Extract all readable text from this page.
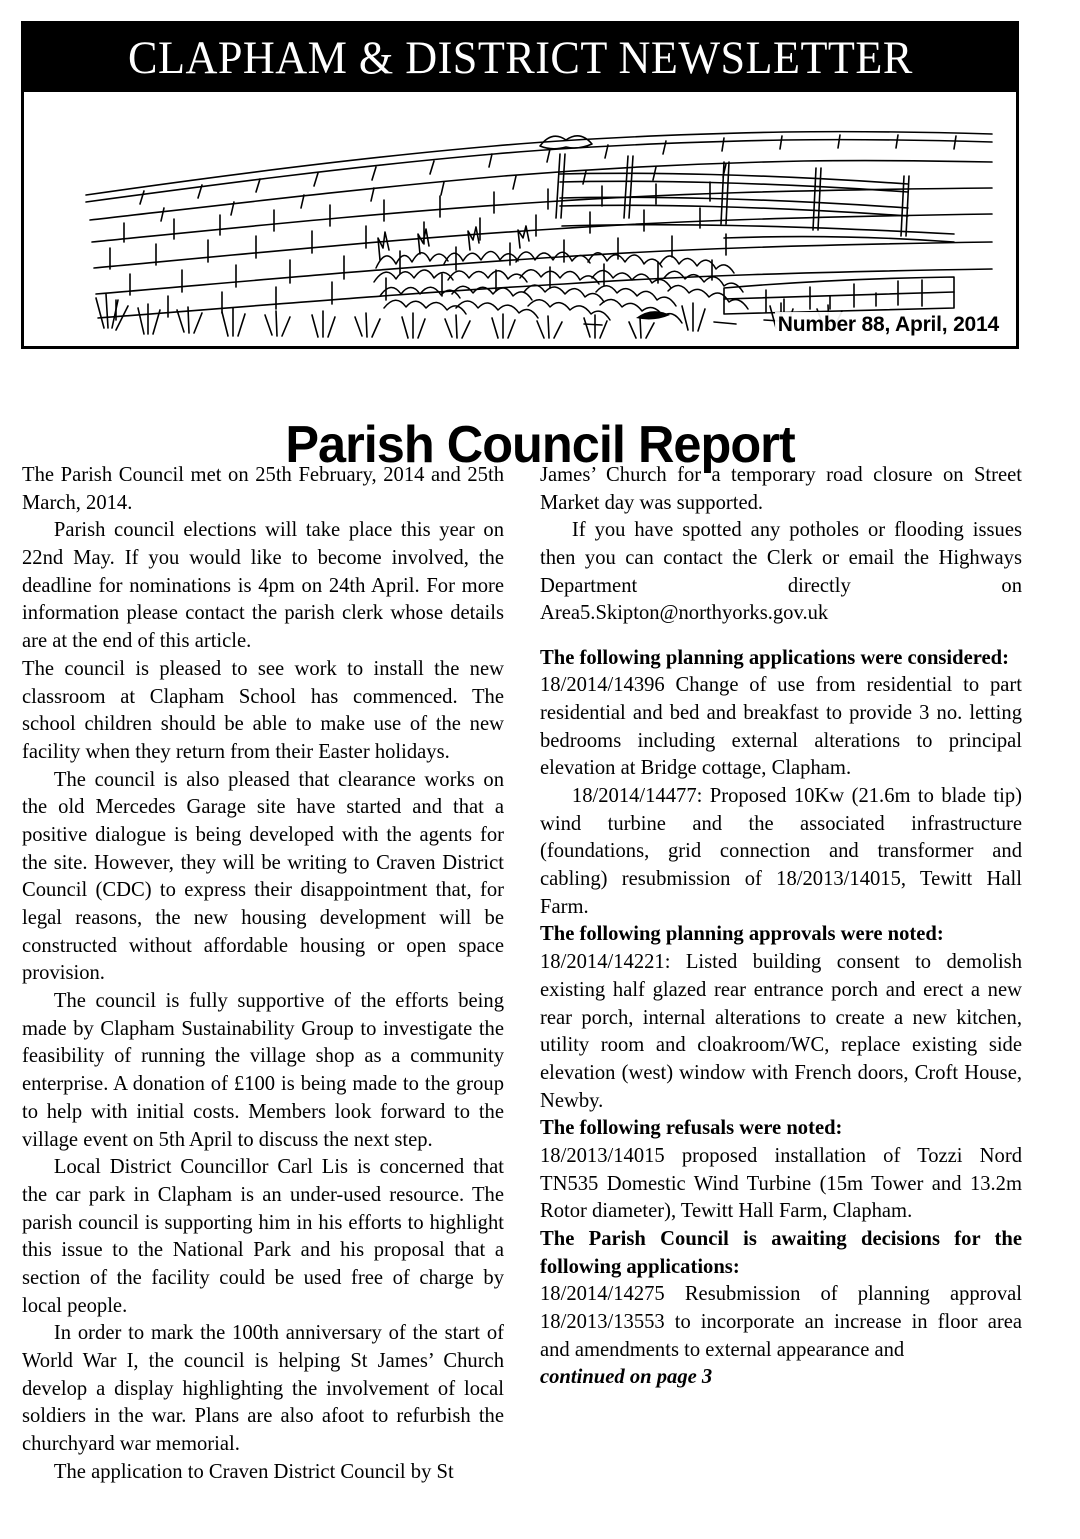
CLAPHAM & DISTRICT NEWSLETTER
Number 88, April, 2014
Parish Council Report

The Parish Council met on 25th February, 2014 and 25th March, 2014.

Parish council elections will take place this year on 22nd May. If you would like to become involved, the deadline for nominations is 4pm on 24th April. For more information please contact the parish clerk whose details are at the end of this article.

The council is pleased to see work to install the new classroom at Clapham School has commenced. The school children should be able to make use of the new facility when they return from their Easter holidays.

The council is also pleased that clearance works on the old Mercedes Garage site have started and that a positive dialogue is being developed with the agents for the site. However, they will be writing to Craven District Council (CDC) to express their disappointment that, for legal reasons, the new housing development will be constructed without affordable housing or open space provision.

The council is fully supportive of the efforts being made by Clapham Sustainability Group to investigate the feasibility of running the village shop as a community enterprise. A donation of £100 is being made to the group to help with initial costs. Members look forward to the village event on 5th April to discuss the next step.

Local District Councillor Carl Lis is concerned that the car park in Clapham is an under-used resource. The parish council is supporting him in his efforts to highlight this issue to the National Park and his proposal that a section of the facility could be used free of charge by local people.

In order to mark the 100th anniversary of the start of World War I, the council is helping St James’ Church develop a display highlighting the involvement of local soldiers in the war. Plans are also afoot to refurbish the churchyard war memorial.

The application to Craven District Council by St

James’ Church for a temporary road closure on Street Market day was supported.

If you have spotted any potholes or flooding issues then you can contact the Clerk or email the Highways Department directly on Area5.Skipton@northyorks.gov.uk

The following planning applications were considered:

18/2014/14396 Change of use from residential to part residential and bed and breakfast to provide 3 no. letting bedrooms including external alterations to principal elevation at Bridge cottage, Clapham.

18/2014/14477: Proposed 10Kw (21.6m to blade tip) wind turbine and the associated infrastructure (foundations, grid connection and transformer and cabling) resubmission of 18/2013/14015, Tewitt Hall Farm.

The following planning approvals were noted:

18/2014/14221: Listed building consent to demolish existing half glazed rear entrance porch and erect a new rear porch, internal alterations to create a new kitchen, utility room and cloakroom/WC, replace existing side elevation (west) window with French doors, Croft House, Newby.

The following refusals were noted:

18/2013/14015 proposed installation of Tozzi Nord TN535 Domestic Wind Turbine (15m Tower and 13.2m Rotor diameter), Tewitt Hall Farm, Clapham.

The Parish Council is awaiting decisions for the following applications:

18/2014/14275 Resubmission of planning approval 18/2013/13553 to incorporate an increase in floor area and amendments to external appearance and

continued on page 3
